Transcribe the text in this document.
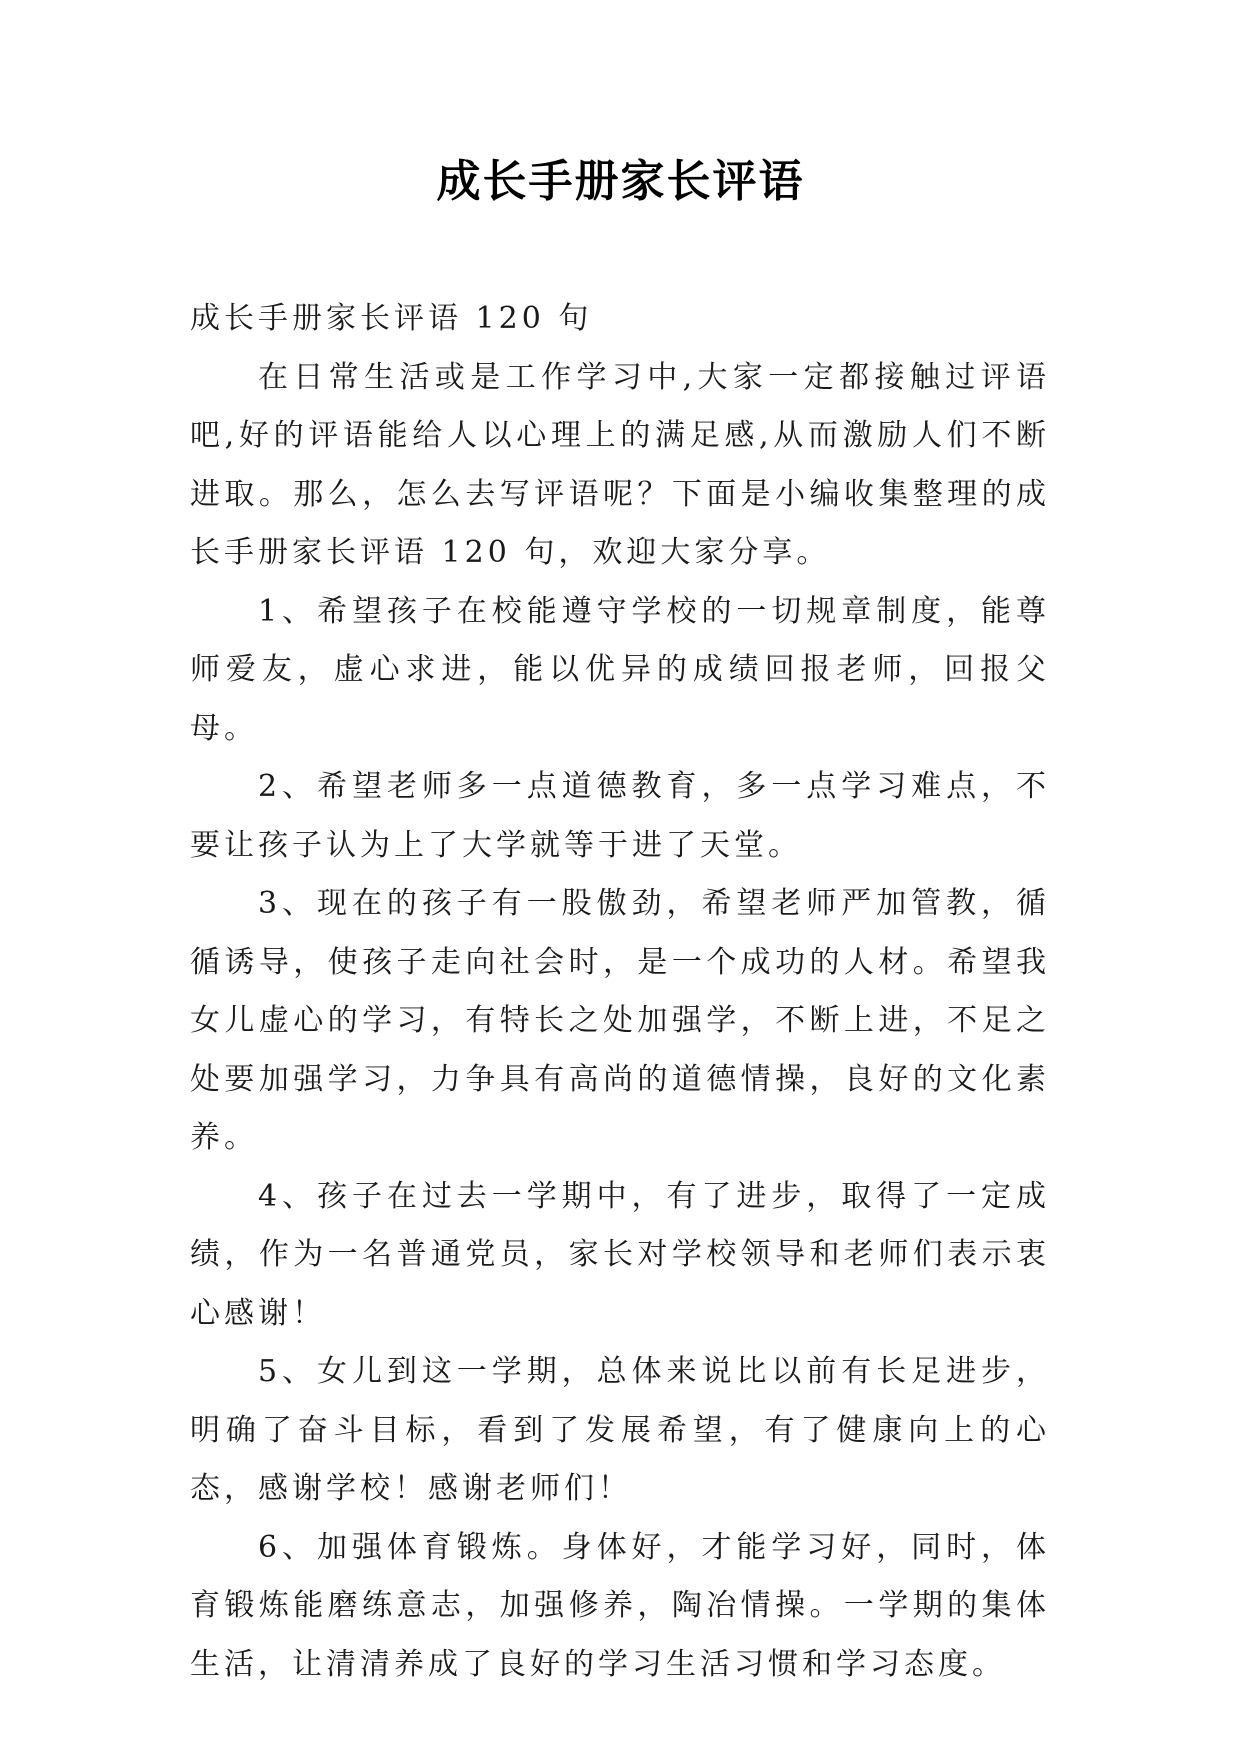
成长手册家长评语

成长手册家长评语 120 句

在日常生活或是工作学习中,大家一定都接触过评语吧,好的评语能给人以心理上的满足感,从而激励人们不断进取。那么，怎么去写评语呢？下面是小编收集整理的成长手册家长评语 120 句，欢迎大家分享。

1、希望孩子在校能遵守学校的一切规章制度，能尊师爱友，虚心求进，能以优异的成绩回报老师，回报父母。

2、希望老师多一点道德教育，多一点学习难点，不要让孩子认为上了大学就等于进了天堂。

3、现在的孩子有一股傲劲，希望老师严加管教，循循诱导，使孩子走向社会时，是一个成功的人材。希望我女儿虚心的学习，有特长之处加强学，不断上进，不足之处要加强学习，力争具有高尚的道德情操，良好的文化素养。

4、孩子在过去一学期中，有了进步，取得了一定成绩，作为一名普通党员，家长对学校领导和老师们表示衷心感谢！

5、女儿到这一学期，总体来说比以前有长足进步，明确了奋斗目标，看到了发展希望，有了健康向上的心态，感谢学校！感谢老师们！

6、加强体育锻炼。身体好，才能学习好，同时，体育锻炼能磨练意志，加强修养，陶冶情操。一学期的集体生活，让清清养成了良好的学习生活习惯和学习态度。
